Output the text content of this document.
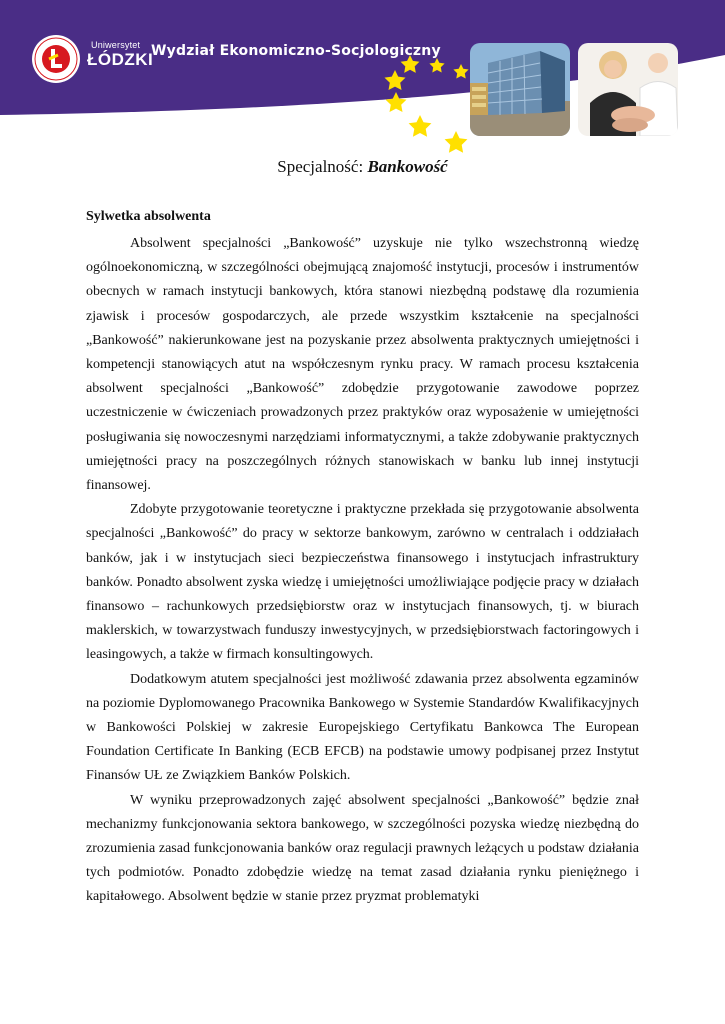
Uniwersytet
ŁÓDZKI
Wydział Ekonomiczno-Socjologiczny
Specjalność: Bankowość
Sylwetka absolwenta

Absolwent specjalności „Bankowość” uzyskuje nie tylko wszechstronną wiedzę ogólnoekonomiczną, w szczególności obejmującą znajomość instytucji, procesów i instrumentów obecnych w ramach instytucji bankowych, która stanowi niezbędną podstawę dla rozumienia zjawisk i procesów gospodarczych, ale przede wszystkim kształcenie na specjalności „Bankowość” nakierunkowane jest na pozyskanie przez absolwenta praktycznych umiejętności i kompetencji stanowiących atut na współczesnym rynku pracy. W ramach procesu kształcenia absolwent specjalności „Bankowość” zdobędzie przygotowanie zawodowe poprzez uczestniczenie w ćwiczeniach prowadzonych przez praktyków oraz wyposażenie w umiejętności posługiwania się nowoczesnymi narzędziami informatycznymi, a także zdobywanie praktycznych umiejętności pracy na poszczególnych różnych stanowiskach w banku lub innej instytucji finansowej.

Zdobyte przygotowanie teoretyczne i praktyczne przekłada się przygotowanie absolwenta specjalności „Bankowość” do pracy w sektorze bankowym, zarówno w centralach i oddziałach banków, jak i w instytucjach sieci bezpieczeństwa finansowego i instytucjach infrastruktury banków. Ponadto absolwent zyska wiedzę i umiejętności umożliwiające podjęcie pracy w działach finansowo – rachunkowych przedsiębiorstw oraz w instytucjach finansowych, tj. w biurach maklerskich, w towarzystwach funduszy inwestycyjnych, w przedsiębiorstwach factoringowych i leasingowych, a także w firmach konsultingowych.

Dodatkowym atutem specjalności jest możliwość zdawania przez absolwenta egzaminów na poziomie Dyplomowanego Pracownika Bankowego w Systemie Standardów Kwalifikacyjnych w Bankowości Polskiej w zakresie Europejskiego Certyfikatu Bankowca The European Foundation Certificate In Banking (ECB EFCB) na podstawie umowy podpisanej przez Instytut Finansów UŁ ze Związkiem Banków Polskich.

W wyniku przeprowadzonych zajęć absolwent specjalności „Bankowość” będzie znał mechanizmy funkcjonowania sektora bankowego, w szczególności pozyska wiedzę niezbędną do zrozumienia zasad funkcjonowania banków oraz regulacji prawnych leżących u podstaw działania tych podmiotów. Ponadto zdobędzie wiedzę na temat zasad działania rynku pieniężnego i kapitałowego. Absolwent będzie w stanie przez pryzmat problematyki
